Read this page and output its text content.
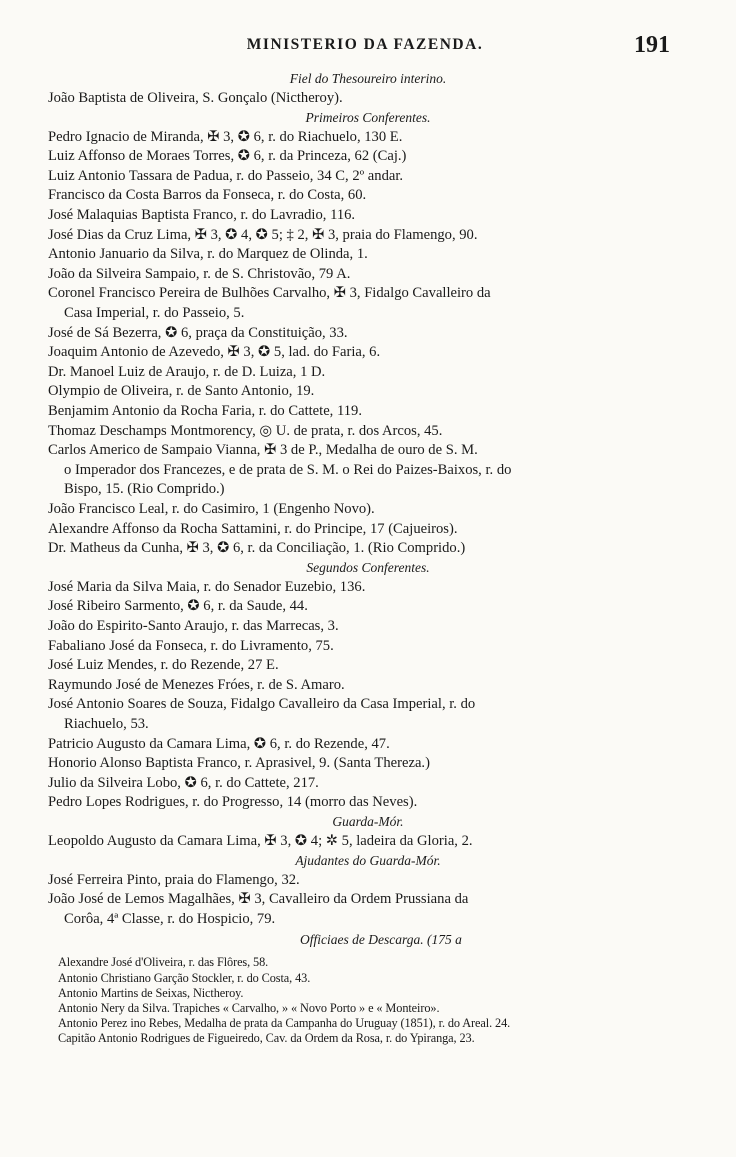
MINISTERIO DA FAZENDA.	191
Fiel do Thesoureiro interino.
João Baptista de Oliveira, S. Gonçalo (Nictheroy).
Primeiros Conferentes.
Pedro Ignacio de Miranda, ✠ 3, ✪ 6, r. do Riachuelo, 130 E.
Luiz Affonso de Moraes Torres, ✪ 6, r. da Princeza, 62 (Caj.)
Luiz Antonio Tassara de Padua, r. do Passeio, 34 C, 2º andar.
Francisco da Costa Barros da Fonseca, r. do Costa, 60.
José Malaquias Baptista Franco, r. do Lavradio, 116.
José Dias da Cruz Lima, ✠ 3, ✪ 4, ✪ 5; ‡ 2, ✠ 3, praia do Flamengo, 90.
Antonio Januario da Silva, r. do Marquez de Olinda, 1.
João da Silveira Sampaio, r. de S. Christovão, 79 A.
Coronel Francisco Pereira de Bulhões Carvalho, ✠ 3, Fidalgo Cavalleiro da
Casa Imperial, r. do Passeio, 5.
José de Sá Bezerra, ✪ 6, praça da Constituição, 33.
Joaquim Antonio de Azevedo, ✠ 3, ✪ 5, lad. do Faria, 6.
Dr. Manoel Luiz de Araujo, r. de D. Luiza, 1 D.
Olympio de Oliveira, r. de Santo Antonio, 19.
Benjamim Antonio da Rocha Faria, r. do Cattete, 119.
Thomaz Deschamps Montmorency, ◎ U. de prata, r. dos Arcos, 45.
Carlos Americo de Sampaio Vianna, ✠ 3 de P., Medalha de ouro de S. M.
o Imperador dos Francezes, e de prata de S. M. o Rei do Paizes-Baixos, r. do
Bispo, 15. (Rio Comprido.)
João Francisco Leal, r. do Casimiro, 1 (Engenho Novo).
Alexandre Affonso da Rocha Sattamini, r. do Principe, 17 (Cajueiros).
Dr. Matheus da Cunha, ✠ 3, ✪ 6, r. da Conciliação, 1. (Rio Comprido.)
Segundos Conferentes.
José Maria da Silva Maia, r. do Senador Euzebio, 136.
José Ribeiro Sarmento, ✪ 6, r. da Saude, 44.
João do Espirito-Santo Araujo, r. das Marrecas, 3.
Fabaliano José da Fonseca, r. do Livramento, 75.
José Luiz Mendes, r. do Rezende, 27 E.
Raymundo José de Menezes Fróes, r. de S. Amaro.
José Antonio Soares de Souza, Fidalgo Cavalleiro da Casa Imperial, r. do
Riachuelo, 53.
Patricio Augusto da Camara Lima, ✪ 6, r. do Rezende, 47.
Honorio Alonso Baptista Franco, r. Aprasivel, 9. (Santa Thereza.)
Julio da Silveira Lobo, ✪ 6, r. do Cattete, 217.
Pedro Lopes Rodrigues, r. do Progresso, 14 (morro das Neves).
Guarda-Mór.
Leopoldo Augusto da Camara Lima, ✠ 3, ✪ 4; ✲ 5, ladeira da Gloria, 2.
Ajudantes do Guarda-Mór.
José Ferreira Pinto, praia do Flamengo, 32.
João José de Lemos Magalhães, ✠ 3, Cavalleiro da Ordem Prussiana da
Corôa, 4ª Classe, r. do Hospicio, 79.
Officiaes de Descarga. (175 a
Alexandre José d'Oliveira, r. das Flôres, 58.
Antonio Christiano Garção Stockler, r. do Costa, 43.
Antonio Martins de Seixas, Nictheroy.
Antonio Nery da Silva. Trapiches « Carvalho, » « Novo Porto » e « Monteiro».
Antonio Perez ino Rebes, Medalha de prata da Campanha do Uruguay (1851), r. do Areal. 24.
Capitão Antonio Rodrigues de Figueiredo, Cav. da Ordem da Rosa, r. do Ypiranga, 23.
